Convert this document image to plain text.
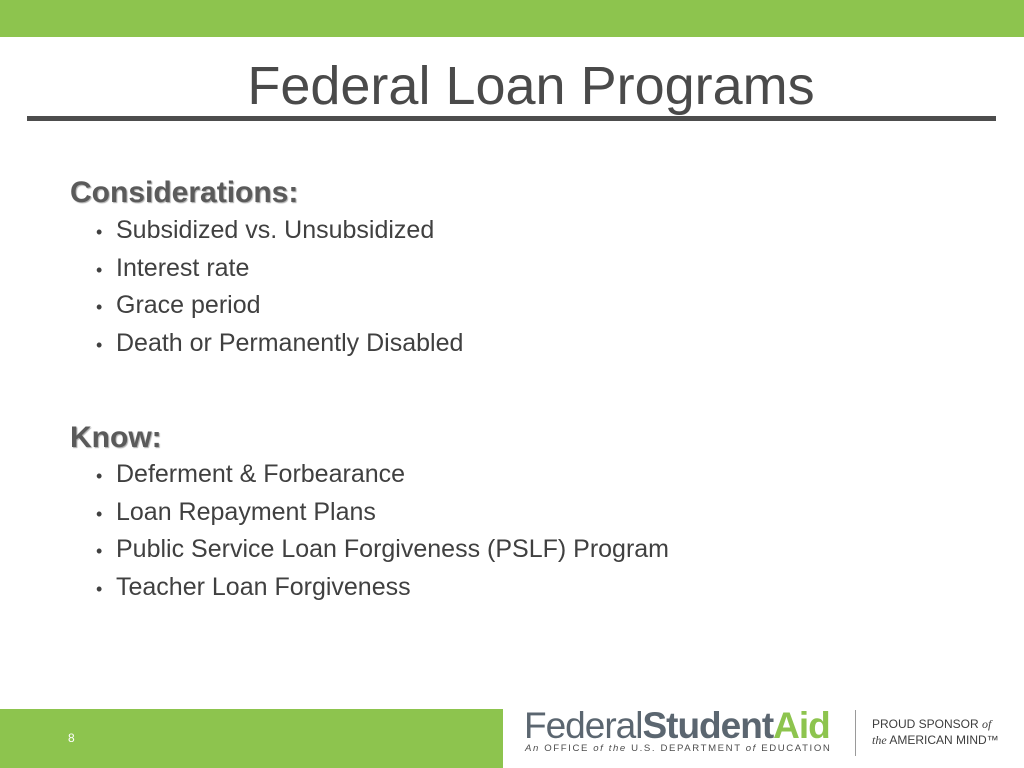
Federal Loan Programs
Considerations:
• Subsidized vs. Unsubsidized
• Interest rate
• Grace period
• Death or Permanently Disabled
Know:
• Deferment & Forbearance
• Loan Repayment Plans
• Public Service Loan Forgiveness (PSLF) Program
• Teacher Loan Forgiveness
8	FederalStudentAid
An OFFICE of the U.S. DEPARTMENT of EDUCATION
PROUD SPONSOR of
the AMERICAN MIND™
